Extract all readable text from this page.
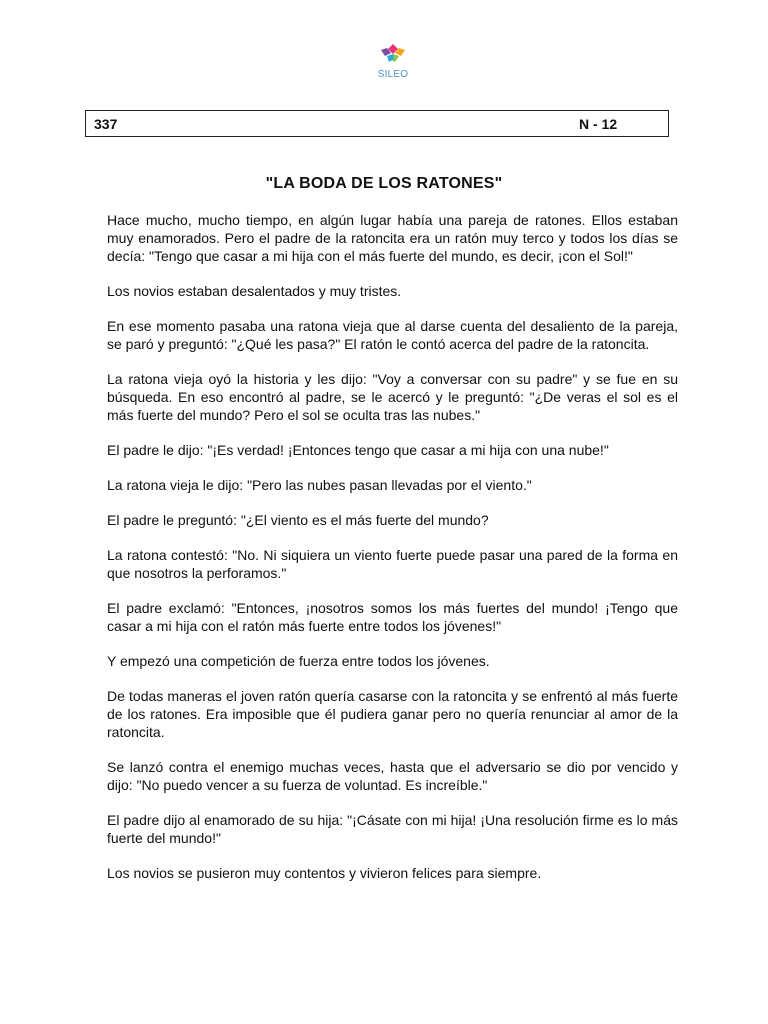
SILEO
337	N - 12
"LA BODA DE LOS RATONES"

Hace mucho, mucho tiempo, en algún lugar había una pareja de ratones. Ellos estaban muy enamorados. Pero el padre de la ratoncita era un ratón muy terco y todos los días se decía: "Tengo que casar a mi hija con el más fuerte del mundo, es decir, ¡con el Sol!"

Los novios estaban desalentados y muy tristes.

En ese momento pasaba una ratona vieja que al darse cuenta del desaliento de la pareja, se paró y preguntó: "¿Qué les pasa?" El ratón le contó acerca del padre de la ratoncita.

La ratona vieja oyó la historia y les dijo: "Voy a conversar con su padre" y se fue en su búsqueda. En eso encontró al padre, se le acercó y le preguntó: "¿De veras el sol es el más fuerte del mundo? Pero el sol se oculta tras las nubes."

El padre le dijo: "¡Es verdad! ¡Entonces tengo que casar a mi hija con una nube!"

La ratona vieja le dijo: "Pero las nubes pasan llevadas por el viento."

El padre le preguntó: "¿El viento es el más fuerte del mundo?

La ratona contestó: "No. Ni siquiera un viento fuerte puede pasar una pared de la forma en que nosotros la perforamos."

El padre exclamó: "Entonces, ¡nosotros somos los más fuertes del mundo! ¡Tengo que casar a mi hija con el ratón más fuerte entre todos los jóvenes!"

Y empezó una competición de fuerza entre todos los jóvenes.

De todas maneras el joven ratón quería casarse con la ratoncita y se enfrentó al más fuerte de los ratones. Era imposible que él pudiera ganar pero no quería renunciar al amor de la ratoncita.

Se lanzó contra el enemigo muchas veces, hasta que el adversario se dio por vencido y dijo: "No puedo vencer a su fuerza de voluntad. Es increíble."

El padre dijo al enamorado de su hija: "¡Cásate con mi hija! ¡Una resolución firme es lo más fuerte del mundo!"

Los novios se pusieron muy contentos y vivieron felices para siempre.
